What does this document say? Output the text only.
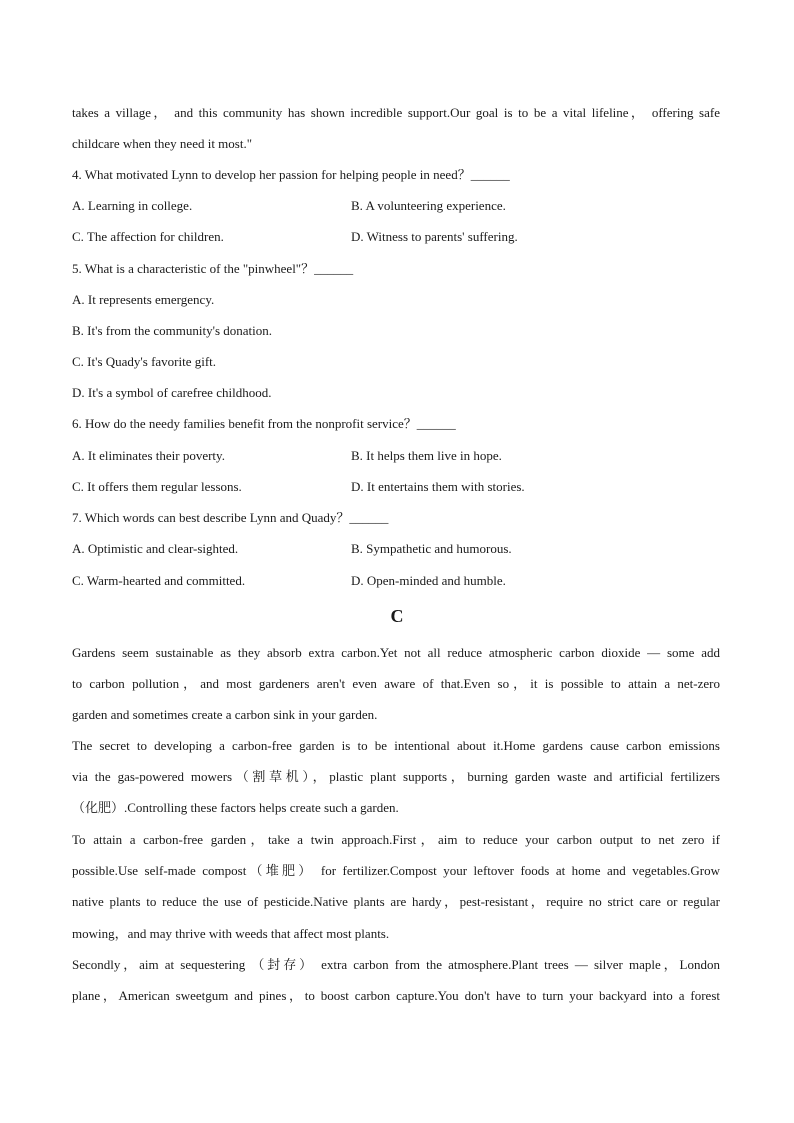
takes a village， and this community has shown incredible support.Our goal is to be a vital lifeline， offering safe
childcare when they need it most."
4. What motivated Lynn to develop her passion for helping people in need？______
A. Learning in college.	B. A volunteering experience.
C. The affection for children.	D. Witness to parents' suffering.
5. What is a characteristic of the "pinwheel"？______
A. It represents emergency.
B. It's from the community's donation.
C. It's Quady's favorite gift.
D. It's a symbol of carefree childhood.
6. How do the needy families benefit from the nonprofit service？______
A. It eliminates their poverty.	B. It helps them live in hope.
C. It offers them regular lessons.	D. It entertains them with stories.
7. Which words can best describe Lynn and Quady？______
A. Optimistic and clear-sighted.	B. Sympathetic and humorous.
C. Warm-hearted and committed.	D. Open-minded and humble.
C
Gardens seem sustainable as they absorb extra carbon.Yet not all reduce atmospheric carbon dioxide — some add
to carbon pollution，and most gardeners aren't even aware of that.Even so，it is possible to attain a net-zero
garden and sometimes create a carbon sink in your garden.
The secret to developing a carbon-free garden is to be intentional about it.Home gardens cause carbon emissions
via the gas-powered mowers（割草机），plastic plant supports，burning garden waste and artificial fertilizers
（化肥）.Controlling these factors helps create such a garden.
To attain a carbon-free garden，take a twin approach.First，aim to reduce your carbon output to net zero if
possible.Use self-made compost（堆肥） for fertilizer.Compost your leftover foods at home and vegetables.Grow
native plants to reduce the use of pesticide.Native plants are hardy，pest-resistant，require no strict care or regular
mowing，and may thrive with weeds that affect most plants.
Secondly，aim at sequestering （封存） extra carbon from the atmosphere.Plant trees — silver maple，London
plane，American sweetgum and pines，to boost carbon capture.You don't have to turn your backyard into a forest
